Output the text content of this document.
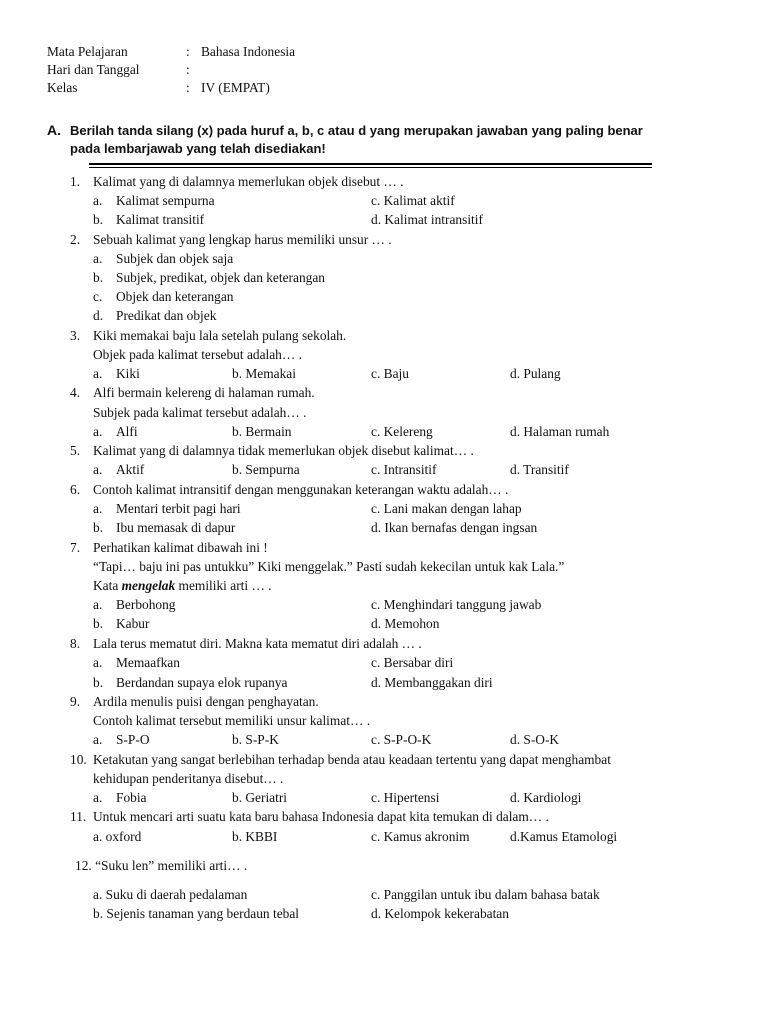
Mata Pelajaran	: Bahasa Indonesia
Hari dan Tanggal	:
Kelas	: IV (EMPAT)
A. Berilah tanda silang (x) pada huruf a, b, c atau d yang merupakan jawaban yang paling benar
pada lembarjawab yang telah disediakan!
1. Kalimat yang di dalamnya memerlukan objek disebut … .
a. Kalimat sempurna	c. Kalimat aktif
b. Kalimat transitif	d. Kalimat intransitif
2. Sebuah kalimat yang lengkap harus memiliki unsur … .
a. Subjek dan objek saja
b. Subjek, predikat, objek dan keterangan
c. Objek dan keterangan
d. Predikat dan objek
3. Kiki memakai baju lala setelah pulang sekolah.
Objek pada kalimat tersebut adalah… .
a. Kiki	b. Memakai	c. Baju	d. Pulang
4. Alfi bermain kelereng di halaman rumah.
Subjek pada kalimat tersebut adalah… .
a. Alfi	b. Bermain	c. Kelereng	d. Halaman rumah
5. Kalimat yang di dalamnya tidak memerlukan objek disebut kalimat… .
a. Aktif	b. Sempurna	c. Intransitif	d. Transitif
6. Contoh kalimat intransitif dengan menggunakan keterangan waktu adalah… .
a. Mentari terbit pagi hari	c. Lani makan dengan lahap
b. Ibu memasak di dapur	d. Ikan bernafas dengan ingsan
7. Perhatikan kalimat dibawah ini !
“Tapi… baju ini pas untukku” Kiki menggelak.” Pasti sudah kekecilan untuk kak Lala.”
Kata mengelak memiliki arti … .
a. Berbohong	c. Menghindari tanggung jawab
b. Kabur	d. Memohon
8. Lala terus mematut diri. Makna kata mematut diri adalah … .
a. Memaafkan	c. Bersabar diri
b. Berdandan supaya elok rupanya	d. Membanggakan diri
9. Ardila menulis puisi dengan penghayatan.
Contoh kalimat tersebut memiliki unsur kalimat… .
a. S-P-O	b. S-P-K	c. S-P-O-K	d. S-O-K
10. Ketakutan yang sangat berlebihan terhadap benda atau keadaan tertentu yang dapat menghambat
kehidupan penderitanya disebut… .
a. Fobia	b. Geriatri	c. Hipertensi	d. Kardiologi
11. Untuk mencari arti suatu kata baru bahasa Indonesia dapat kita temukan di dalam… .
a. oxford	b. KBBI	c. Kamus akronim	d.Kamus Etamologi
12. “Suku len” memiliki arti… .
a. Suku di daerah pedalaman	c. Panggilan untuk ibu dalam bahasa batak
b. Sejenis tanaman yang berdaun tebal	d. Kelompok kekerabatan
